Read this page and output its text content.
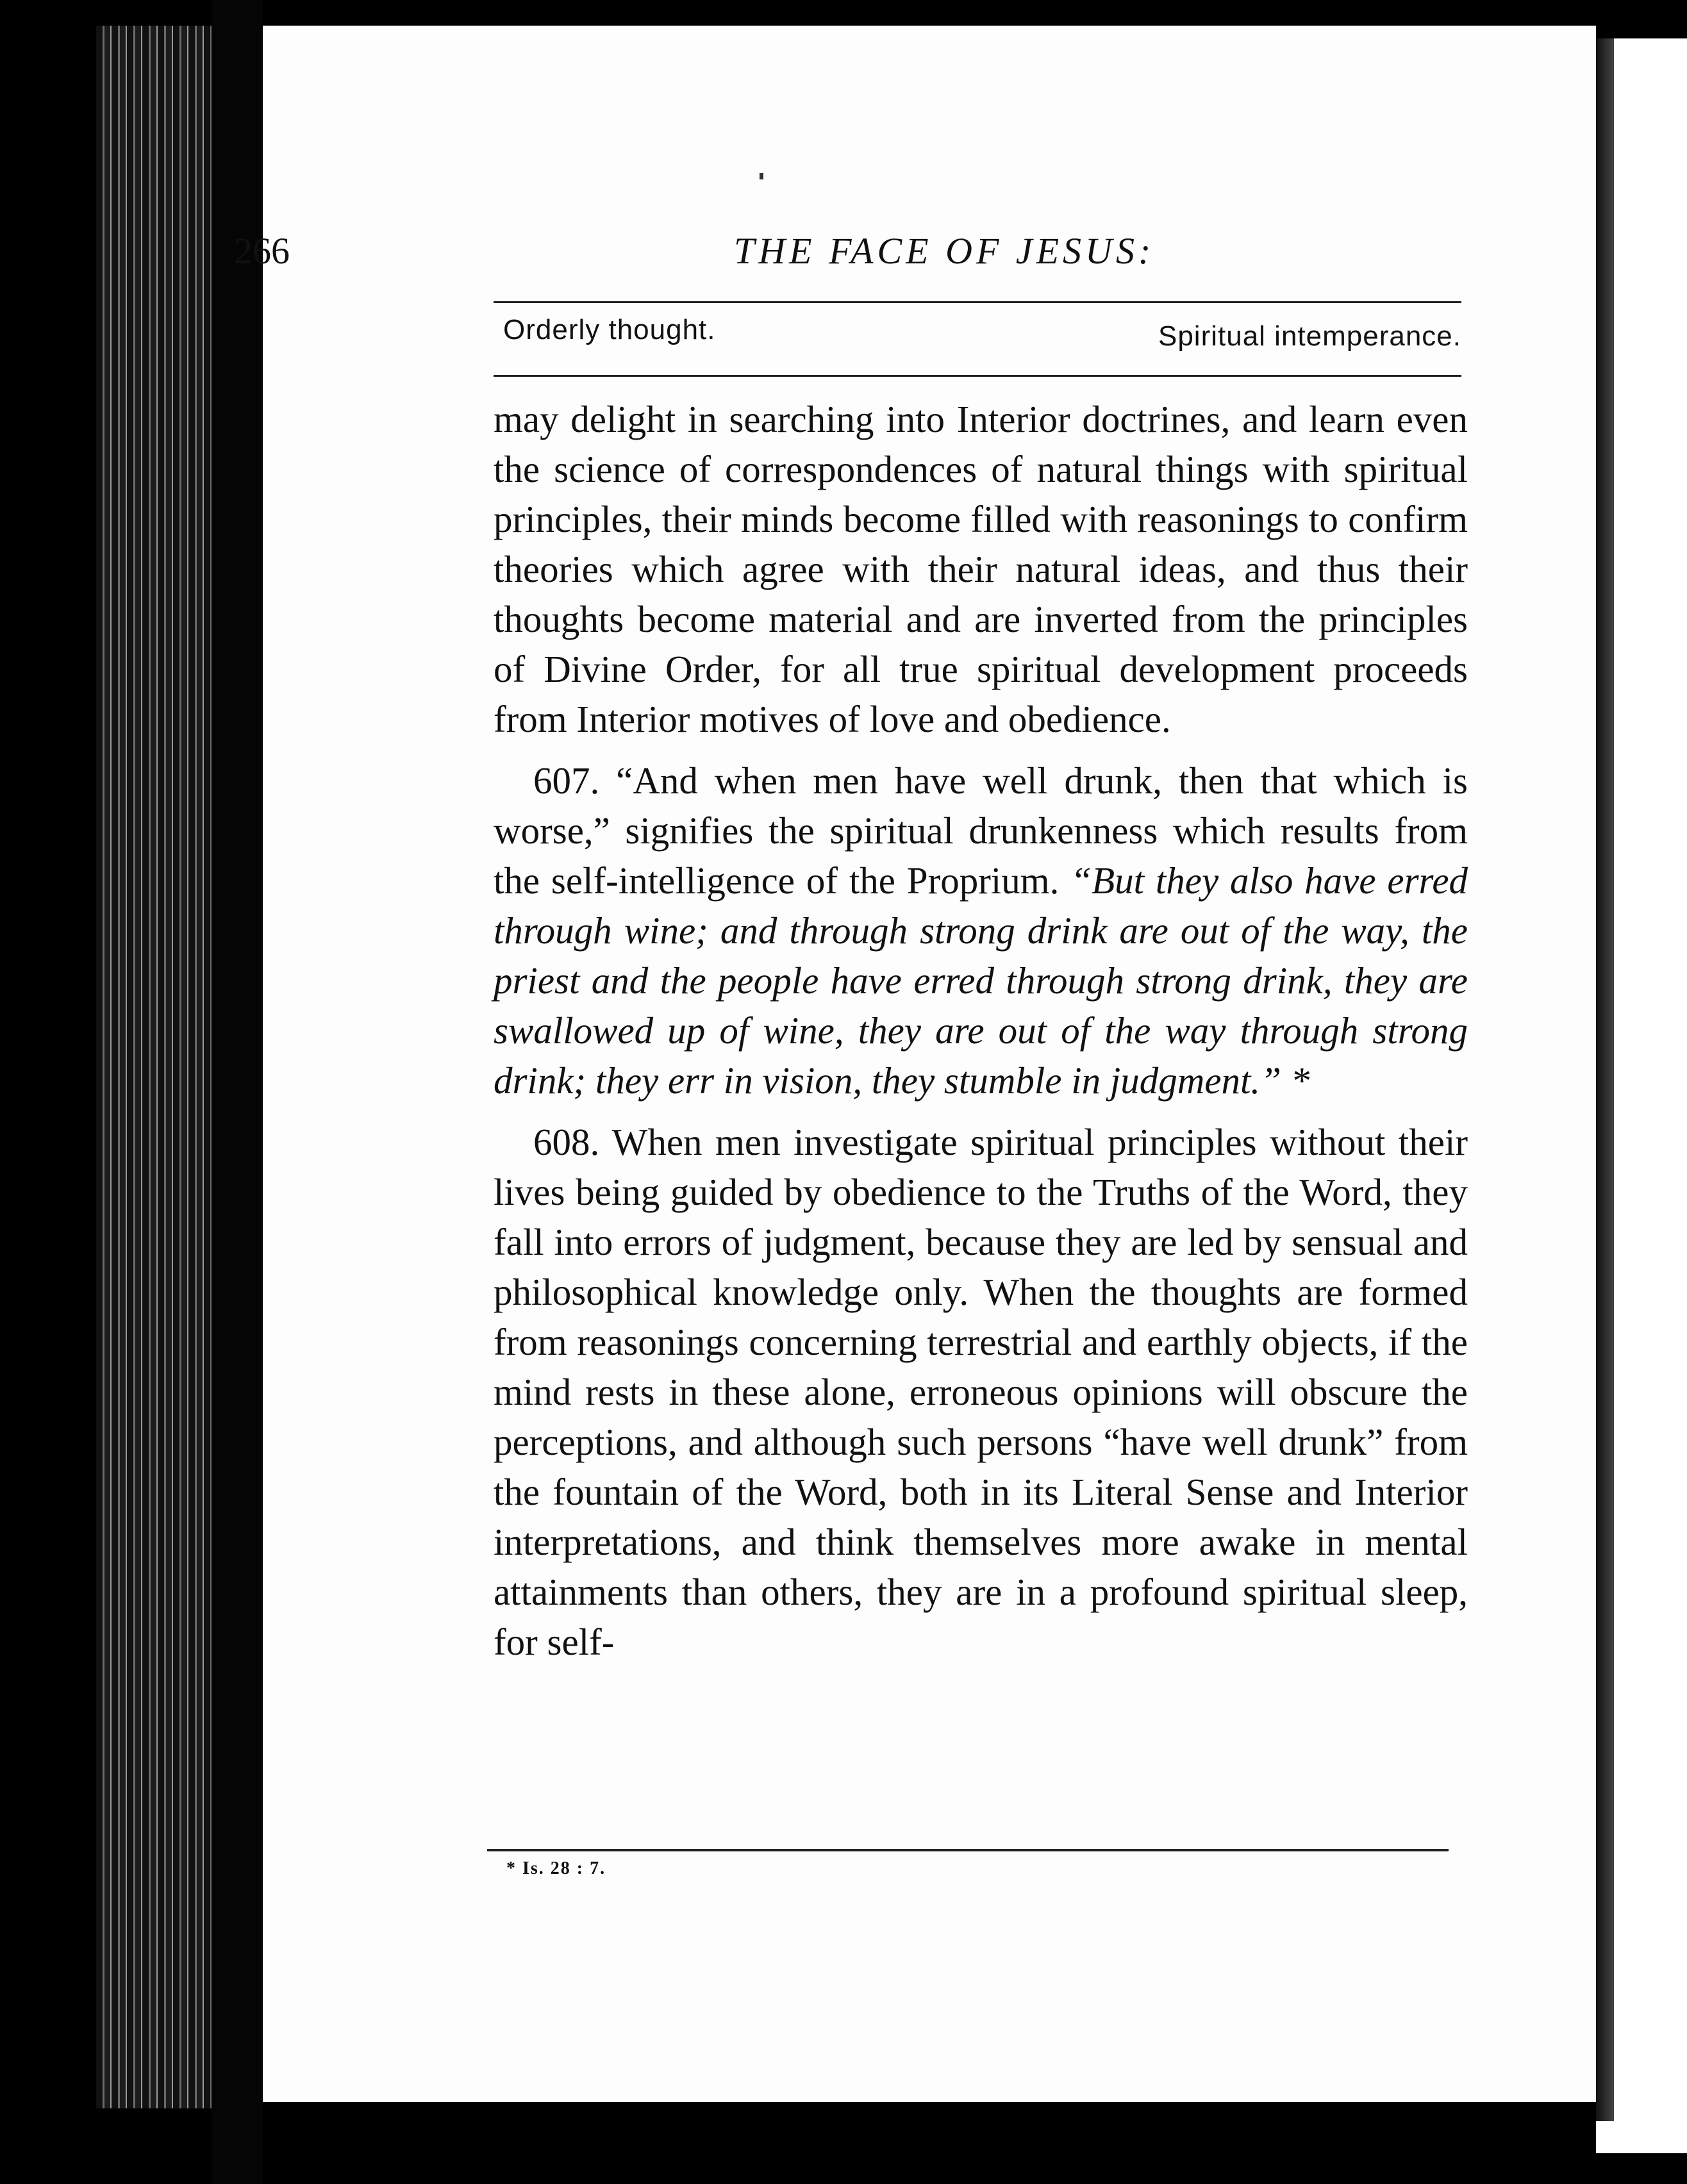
266	THE FACE OF JESUS:
Orderly thought.	Spiritual intemperance.

may delight in searching into Interior doctrines, and learn even the science of correspondences of natural things with spiritual principles, their minds become filled with reasonings to confirm theories which agree with their natural ideas, and thus their thoughts become material and are inverted from the principles of Divine Order, for all true spiritual development proceeds from Interior motives of love and obedience.

607. “And when men have well drunk, then that which is worse,” signifies the spiritual drunkenness which results from the self-intelligence of the Proprium. “But they also have erred through wine; and through strong drink are out of the way, the priest and the people have erred through strong drink, they are swallowed up of wine, they are out of the way through strong drink; they err in vision, they stumble in judgment.” *

608. When men investigate spiritual principles without their lives being guided by obedience to the Truths of the Word, they fall into errors of judgment, because they are led by sensual and philosophical knowledge only. When the thoughts are formed from reasonings concerning terrestrial and earthly objects, if the mind rests in these alone, erroneous opinions will obscure the perceptions, and although such persons “have well drunk” from the fountain of the Word, both in its Literal Sense and Interior interpretations, and think themselves more awake in mental attainments than others, they are in a profound spiritual sleep, for self-

* Is. 28 : 7.
